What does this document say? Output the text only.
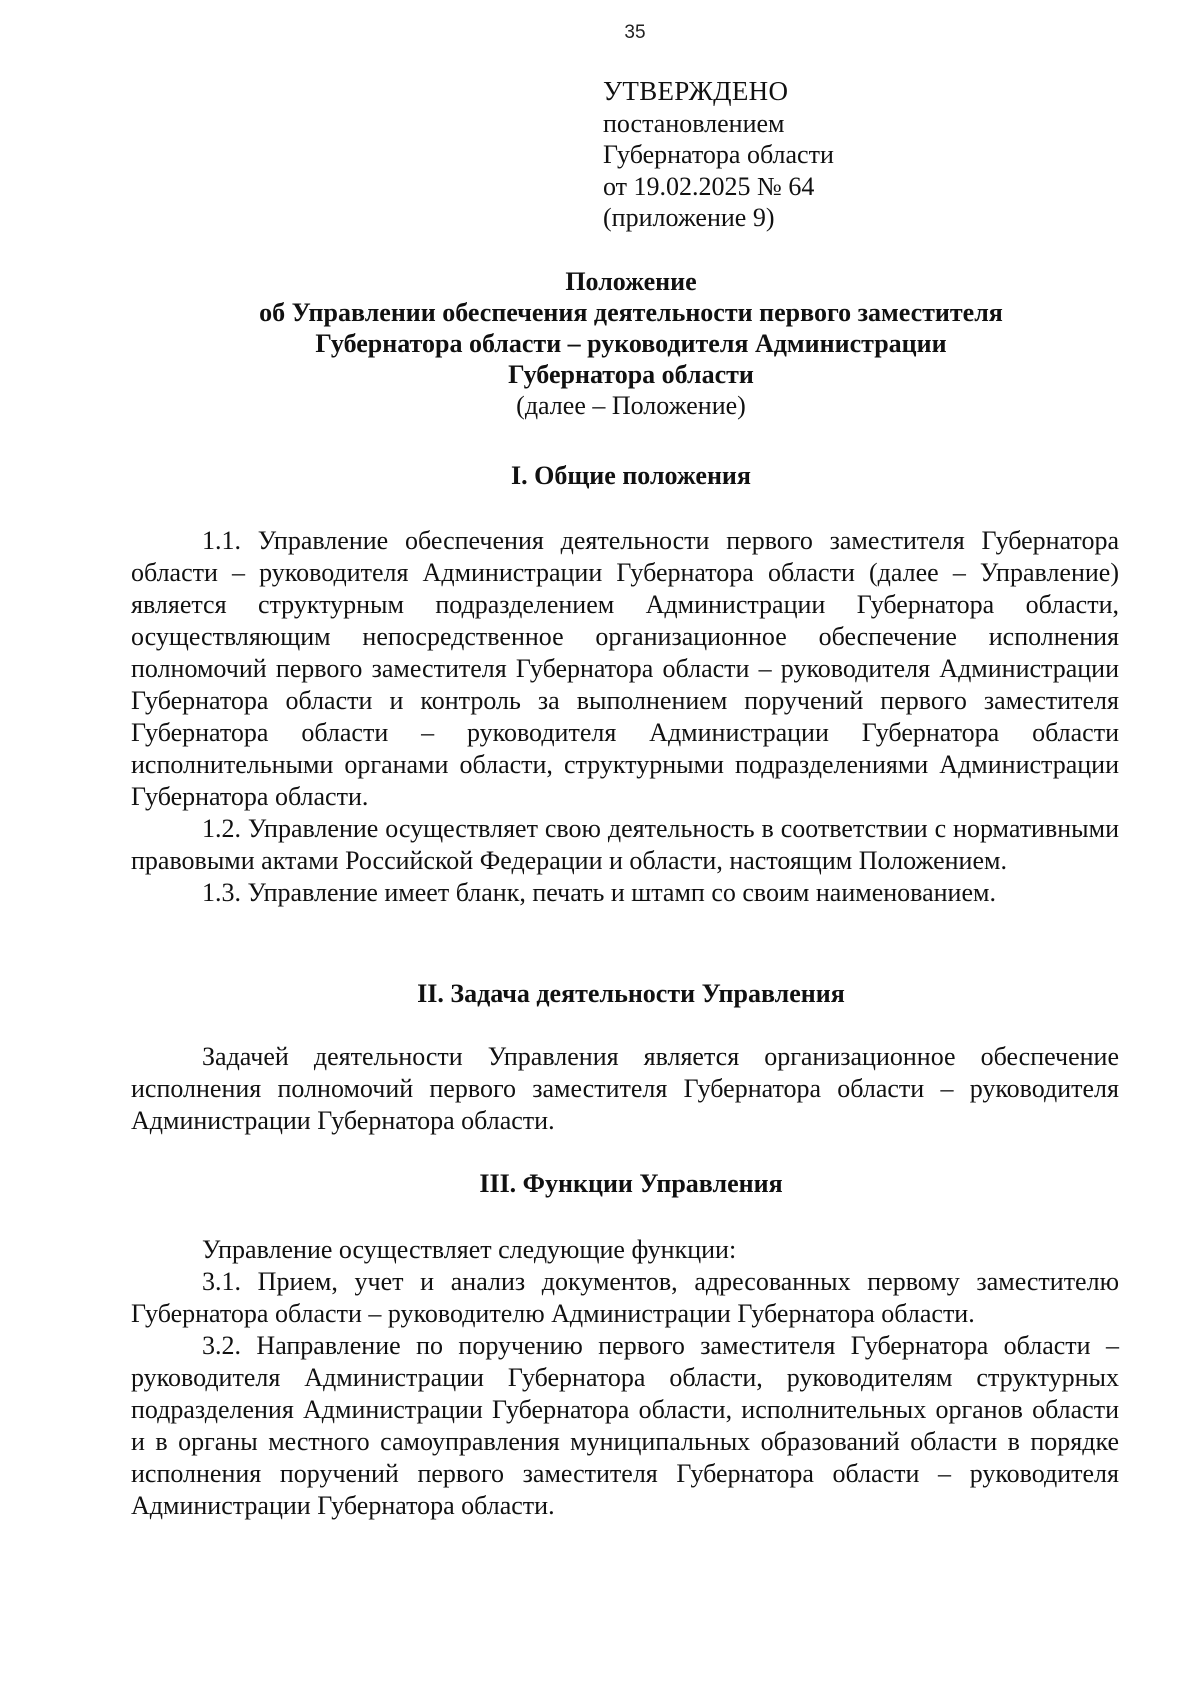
35
УТВЕРЖДЕНО
постановлением
Губернатора области
от 19.02.2025 № 64
(приложение 9)
Положение
об Управлении обеспечения деятельности первого заместителя
Губернатора области – руководителя Администрации
Губернатора области
(далее – Положение)
I. Общие положения

1.1. Управление обеспечения деятельности первого заместителя Губернатора области – руководителя Администрации Губернатора области (далее – Управление) является структурным подразделением Администрации Губернатора области, осуществляющим непосредственное организационное обеспечение исполнения полномочий первого заместителя Губернатора области – руководителя Администрации Губернатора области и контроль за выполнением поручений первого заместителя Губернатора области – руководителя Администрации Губернатора области исполнительными органами области, структурными подразделениями Администрации Губернатора области.

1.2. Управление осуществляет свою деятельность в соответствии с нормативными правовыми актами Российской Федерации и области, настоящим Положением.

1.3. Управление имеет бланк, печать и штамп со своим наименованием.

II. Задача деятельности Управления

Задачей деятельности Управления является организационное обеспечение исполнения полномочий первого заместителя Губернатора области – руководителя Администрации Губернатора области.

III. Функции Управления

Управление осуществляет следующие функции:

3.1. Прием, учет и анализ документов, адресованных первому заместителю Губернатора области – руководителю Администрации Губернатора области.

3.2. Направление по поручению первого заместителя Губернатора области – руководителя Администрации Губернатора области, руководителям структурных подразделения Администрации Губернатора области, исполнительных органов области и в органы местного самоуправления муниципальных образований области в порядке исполнения поручений первого заместителя Губернатора области – руководителя Администрации Губернатора области.
